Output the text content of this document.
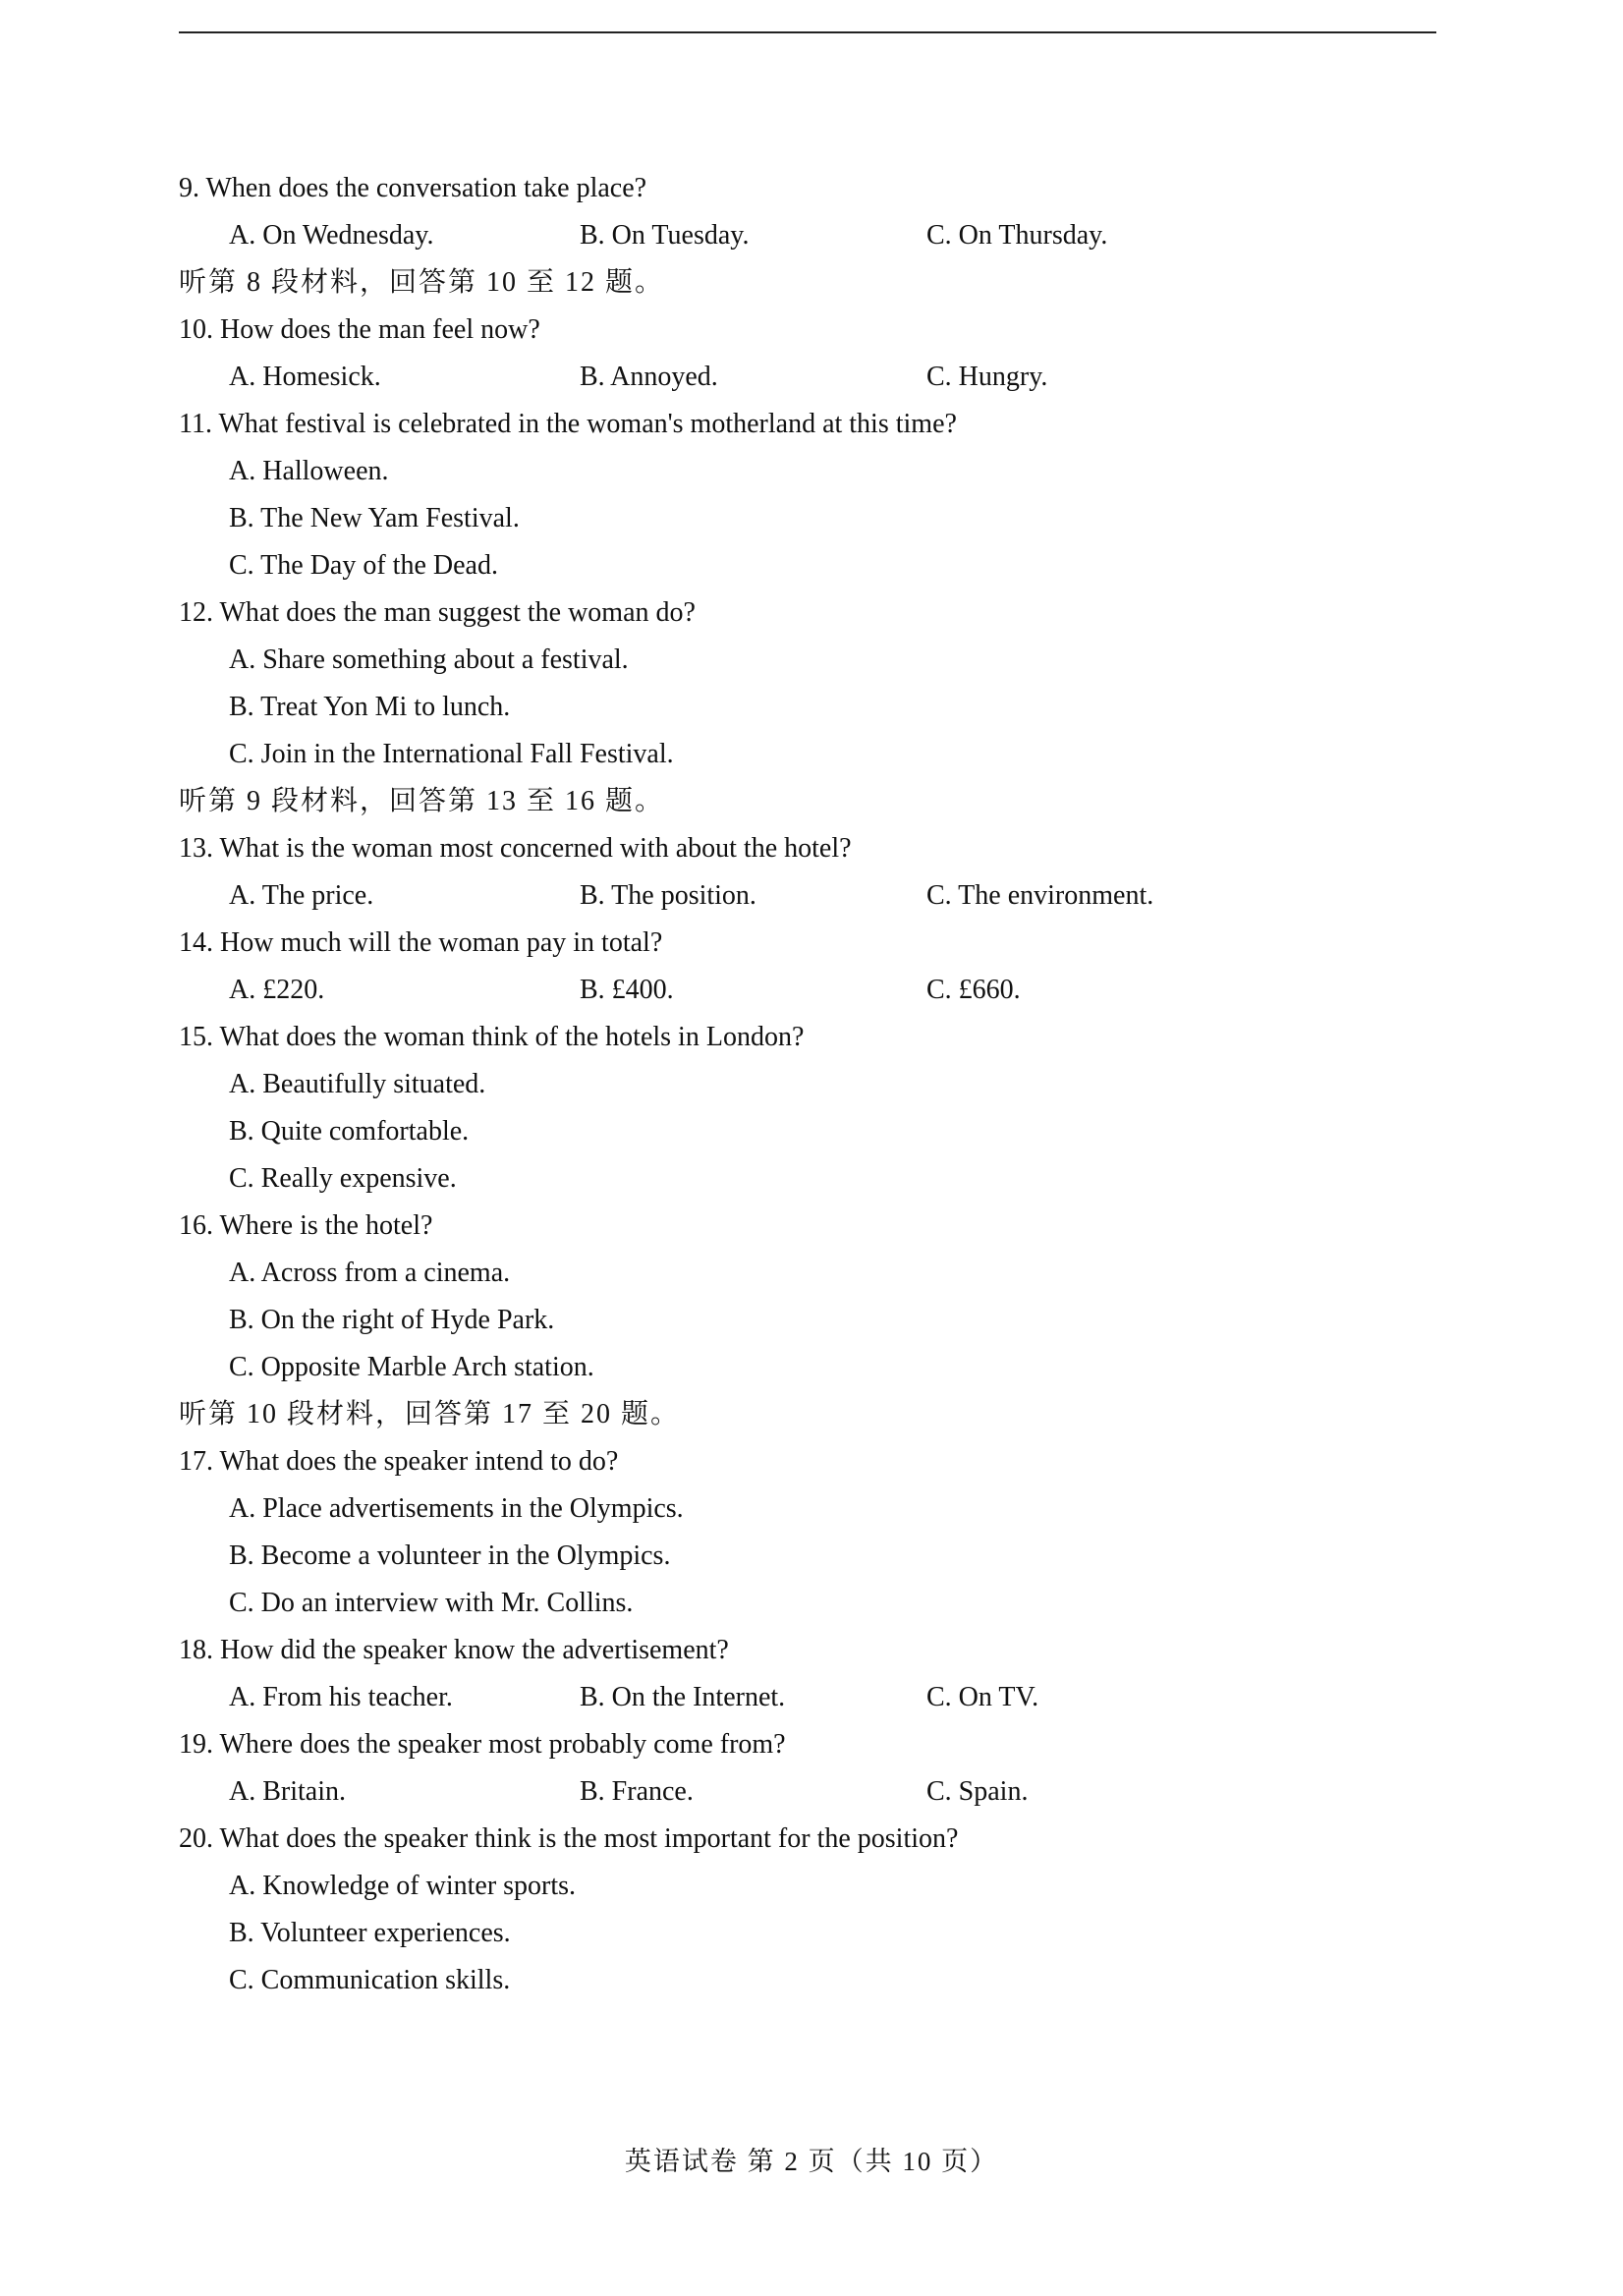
9. When does the conversation take place?
A. On Wednesday.	B. On Tuesday.	C. On Thursday.
听第 8 段材料，回答第 10 至 12 题。
10. How does the man feel now?
A. Homesick.	B. Annoyed.	C. Hungry.
11. What festival is celebrated in the woman's motherland at this time?
A. Halloween.
B. The New Yam Festival.
C. The Day of the Dead.
12. What does the man suggest the woman do?
A. Share something about a festival.
B. Treat Yon Mi to lunch.
C. Join in the International Fall Festival.
听第 9 段材料，回答第 13 至 16 题。
13. What is the woman most concerned with about the hotel?
A. The price.	B. The position.	C. The environment.
14. How much will the woman pay in total?
A. £220.	B. £400.	C. £660.
15. What does the woman think of the hotels in London?
A. Beautifully situated.
B. Quite comfortable.
C. Really expensive.
16. Where is the hotel?
A. Across from a cinema.
B. On the right of Hyde Park.
C. Opposite Marble Arch station.
听第 10 段材料，回答第 17 至 20 题。
17. What does the speaker intend to do?
A. Place advertisements in the Olympics.
B. Become a volunteer in the Olympics.
C. Do an interview with Mr. Collins.
18. How did the speaker know the advertisement?
A. From his teacher.	B. On the Internet.	C. On TV.
19. Where does the speaker most probably come from?
A. Britain.	B. France.	C. Spain.
20. What does the speaker think is the most important for the position?
A. Knowledge of winter sports.
B. Volunteer experiences.
C. Communication skills.
英语试卷 第 2 页（共 10 页）
